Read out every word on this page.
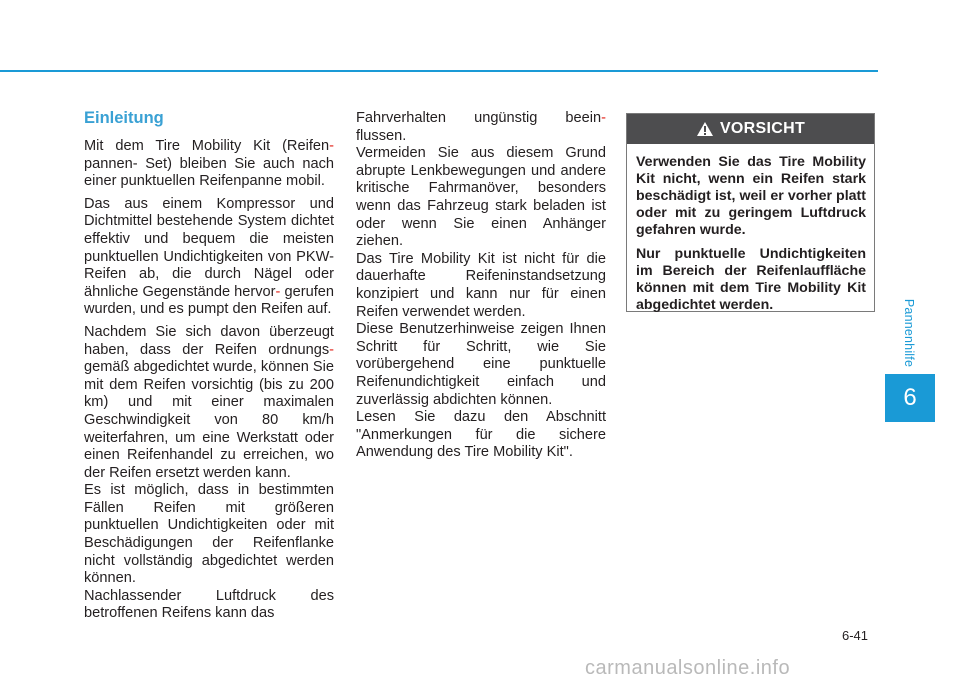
Pannenhilfe
6
Einleitung

Mit dem Tire Mobility Kit (Reifen- pannen- Set) bleiben Sie auch nach einer punktuellen Reifenpanne mobil.

Das aus einem Kompressor und Dichtmittel bestehende System dichtet effektiv und bequem die meisten punktuellen Undichtigkeiten von PKW-Reifen ab, die durch Nägel oder ähnliche Gegenstände hervor- gerufen wurden, und es pumpt den Reifen auf.

Nachdem Sie sich davon überzeugt haben, dass der Reifen ordnungs- gemäß abgedichtet wurde, können Sie mit dem Reifen vorsichtig (bis zu 200 km) und mit einer maximalen Geschwindigkeit von 80 km/h weiterfahren, um eine Werkstatt oder einen Reifenhandel zu erreichen, wo der Reifen ersetzt werden kann.

Es ist möglich, dass in bestimmten Fällen Reifen mit größeren punktuellen Undichtigkeiten oder mit Beschädigungen der Reifenflanke nicht vollständig abgedichtet werden können.

Nachlassender Luftdruck des betroffenen Reifens kann das

Fahrverhalten ungünstig beein- flussen.

Vermeiden Sie aus diesem Grund abrupte Lenkbewegungen und andere kritische Fahrmanöver, besonders wenn das Fahrzeug stark beladen ist oder wenn Sie einen Anhänger ziehen.

Das Tire Mobility Kit ist nicht für die dauerhafte Reifeninstandsetzung konzipiert und kann nur für einen Reifen verwendet werden.

Diese Benutzerhinweise zeigen Ihnen Schritt für Schritt, wie Sie vorübergehend eine punktuelle Reifenundichtigkeit einfach und zuverlässig abdichten können.

Lesen Sie dazu den Abschnitt "Anmerkungen für die sichere Anwendung des Tire Mobility Kit".

VORSICHT

Verwenden Sie das Tire Mobility Kit nicht, wenn ein Reifen stark beschädigt ist, weil er vorher platt oder mit zu geringem Luftdruck gefahren wurde.

Nur punktuelle Undichtigkeiten im Bereich der Reifenlauffläche können mit dem Tire Mobility Kit abgedichtet werden.

6-41
carmanualsonline.info
